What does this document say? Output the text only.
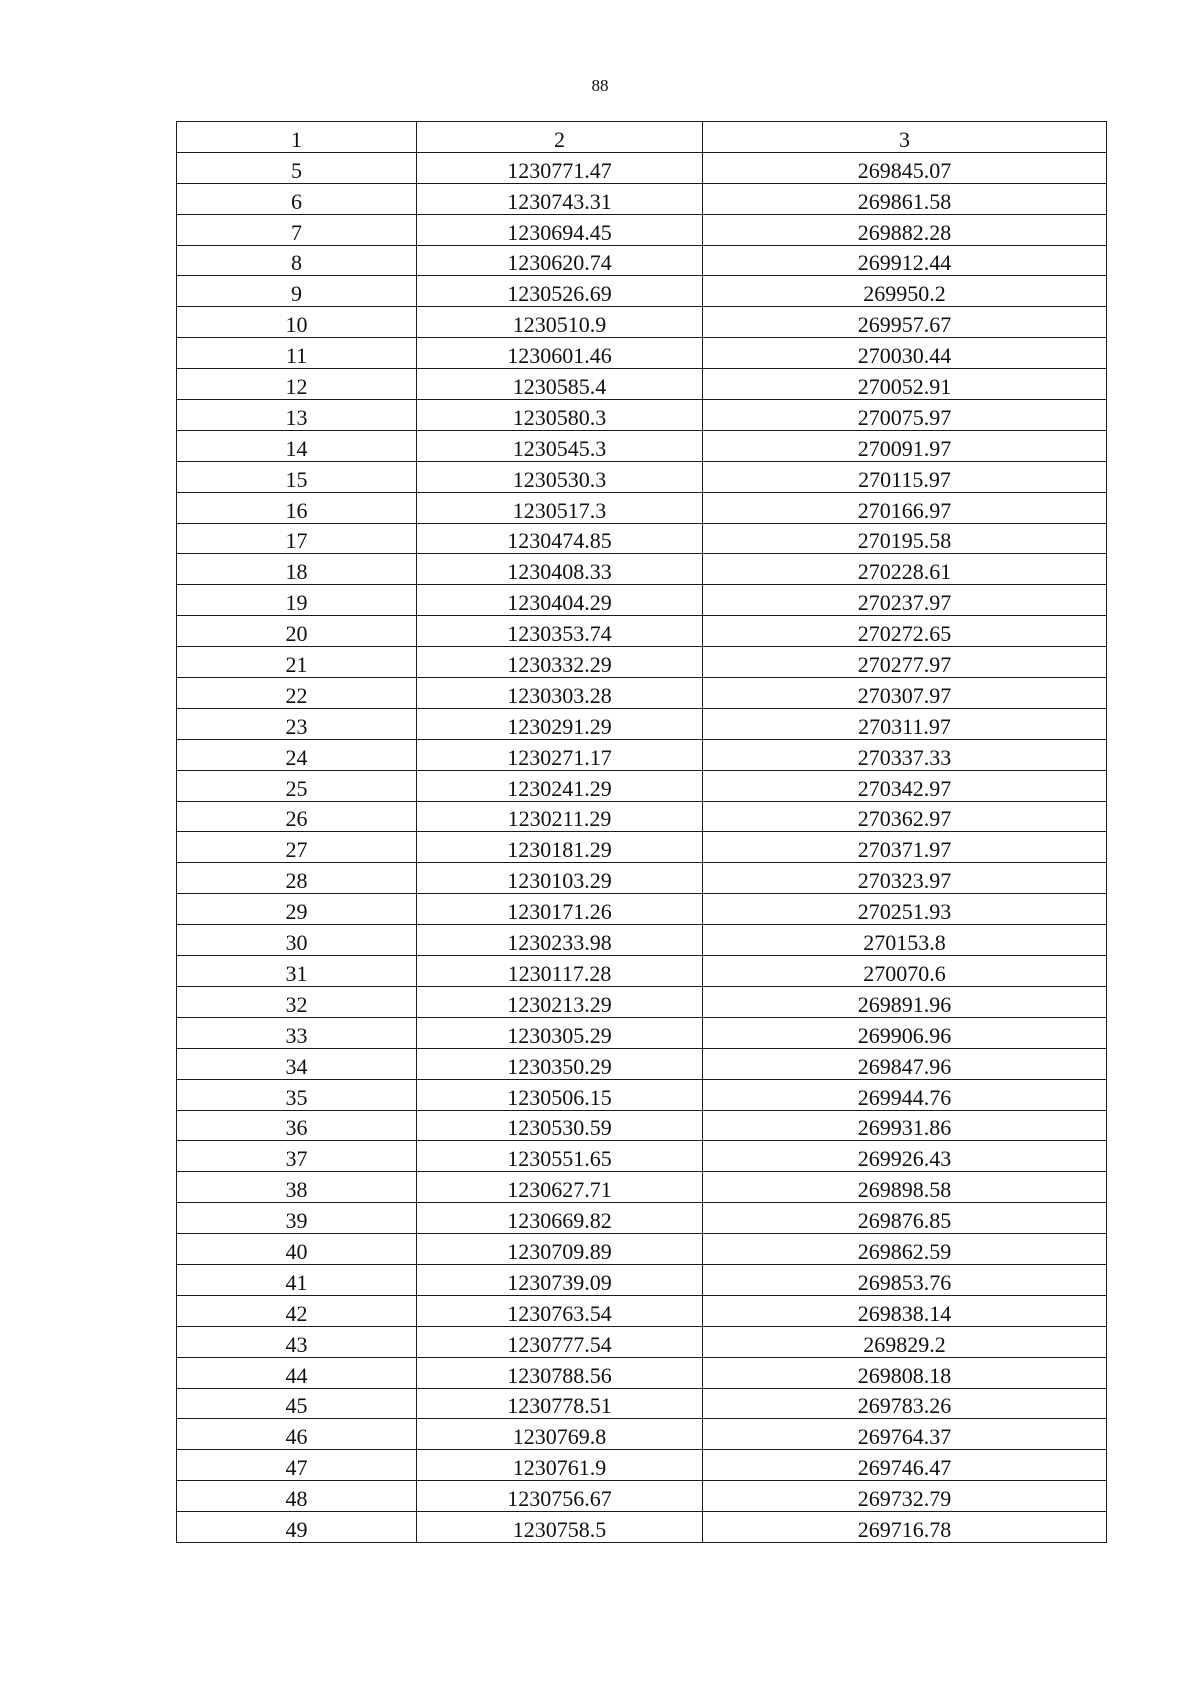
88
1	2	3
5	1230771.47	269845.07
6	1230743.31	269861.58
7	1230694.45	269882.28
8	1230620.74	269912.44
9	1230526.69	269950.2
10	1230510.9	269957.67
11	1230601.46	270030.44
12	1230585.4	270052.91
13	1230580.3	270075.97
14	1230545.3	270091.97
15	1230530.3	270115.97
16	1230517.3	270166.97
17	1230474.85	270195.58
18	1230408.33	270228.61
19	1230404.29	270237.97
20	1230353.74	270272.65
21	1230332.29	270277.97
22	1230303.28	270307.97
23	1230291.29	270311.97
24	1230271.17	270337.33
25	1230241.29	270342.97
26	1230211.29	270362.97
27	1230181.29	270371.97
28	1230103.29	270323.97
29	1230171.26	270251.93
30	1230233.98	270153.8
31	1230117.28	270070.6
32	1230213.29	269891.96
33	1230305.29	269906.96
34	1230350.29	269847.96
35	1230506.15	269944.76
36	1230530.59	269931.86
37	1230551.65	269926.43
38	1230627.71	269898.58
39	1230669.82	269876.85
40	1230709.89	269862.59
41	1230739.09	269853.76
42	1230763.54	269838.14
43	1230777.54	269829.2
44	1230788.56	269808.18
45	1230778.51	269783.26
46	1230769.8	269764.37
47	1230761.9	269746.47
48	1230756.67	269732.79
49	1230758.5	269716.78
